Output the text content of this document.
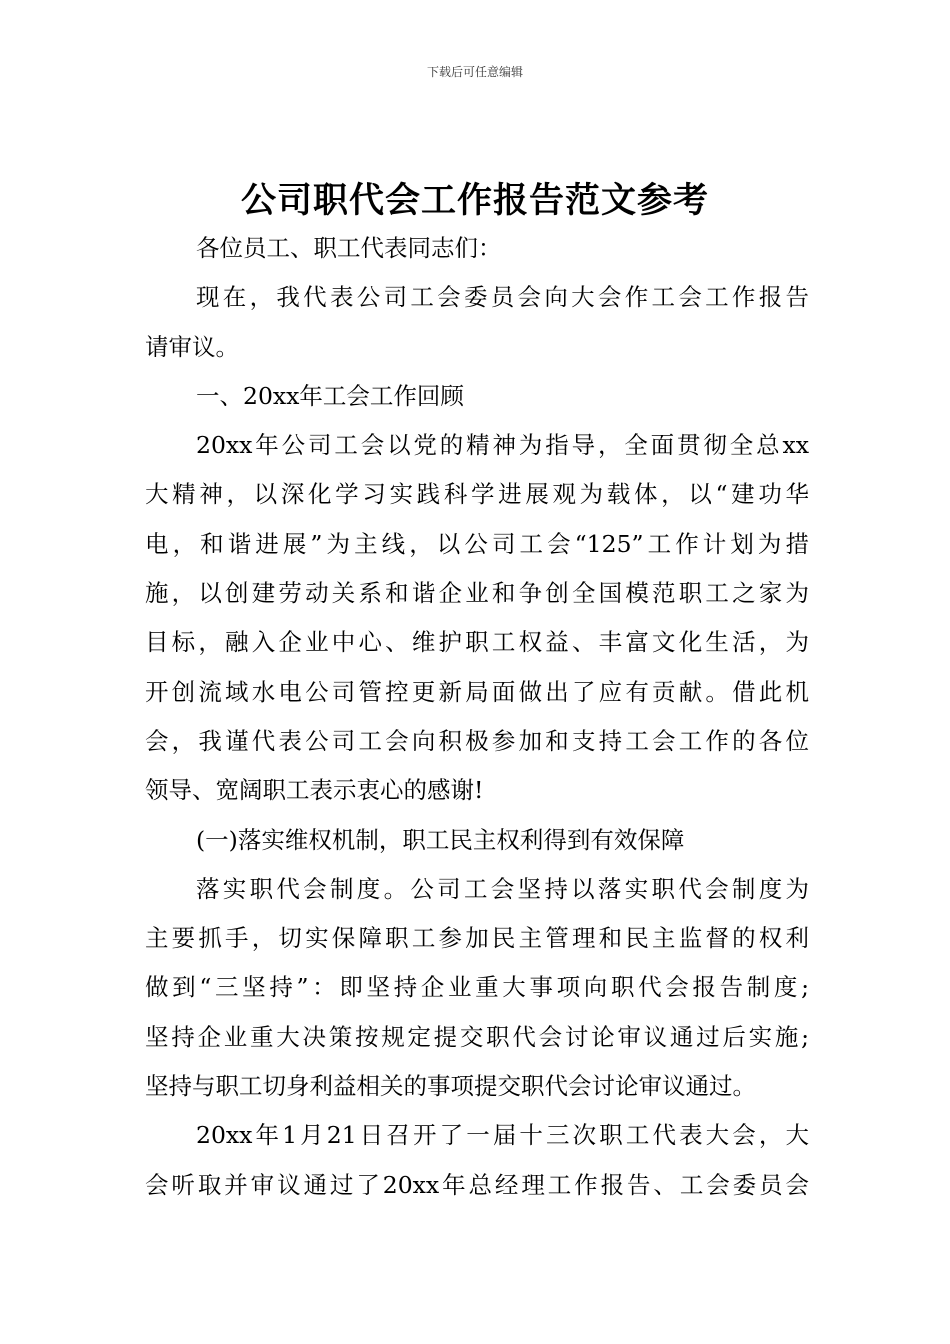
下载后可任意编辑
公司职代会工作报告范文参考
各位员工、职工代表同志们：
现在，我代表公司工会委员会向大会作工会工作报告
请审议。
一、20xx年工会工作回顾
20xx年公司工会以党的精神为指导，全面贯彻全总xx
大精神，以深化学习实践科学进展观为载体，以“建功华
电，和谐进展”为主线，以公司工会“125”工作计划为措
施，以创建劳动关系和谐企业和争创全国模范职工之家为
目标，融入企业中心、维护职工权益、丰富文化生活，为
开创流域水电公司管控更新局面做出了应有贡献。借此机
会，我谨代表公司工会向积极参加和支持工会工作的各位
领导、宽阔职工表示衷心的感谢!
(一)落实维权机制，职工民主权利得到有效保障
落实职代会制度。公司工会坚持以落实职代会制度为
主要抓手，切实保障职工参加民主管理和民主监督的权利
做到“三坚持”：即坚持企业重大事项向职代会报告制度;
坚持企业重大决策按规定提交职代会讨论审议通过后实施;
坚持与职工切身利益相关的事项提交职代会讨论审议通过。
20xx年1月21日召开了一届十三次职工代表大会，大
会听取并审议通过了20xx年总经理工作报告、工会委员会
